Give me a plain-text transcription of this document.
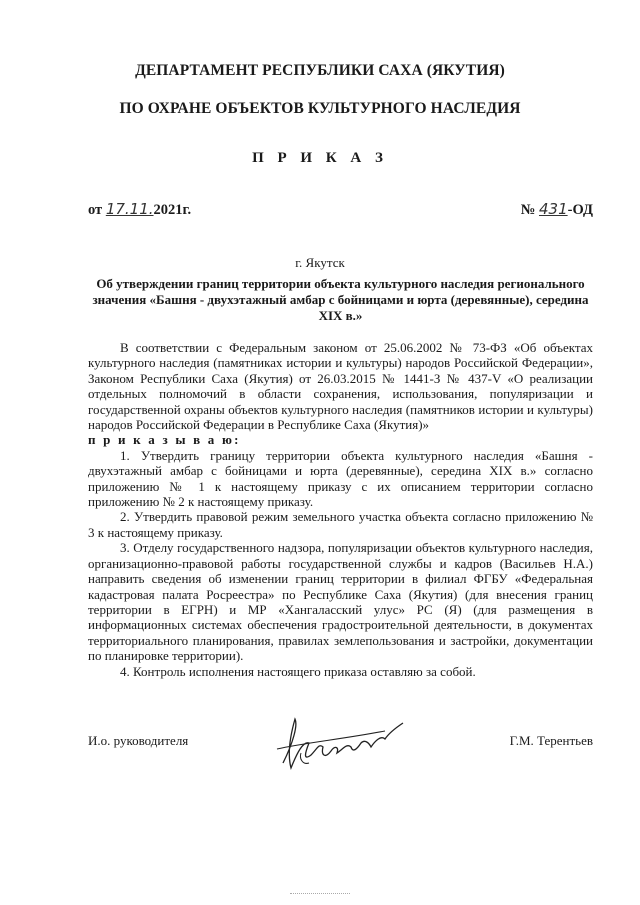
ДЕПАРТАМЕНТ РЕСПУБЛИКИ САХА (ЯКУТИЯ)
ПО ОХРАНЕ ОБЪЕКТОВ КУЛЬТУРНОГО НАСЛЕДИЯ
П Р И К А З
от 17.11.2021г.	№ 431-ОД
г. Якутск
Об утверждении границ территории объекта культурного наследия регионального значения «Башня - двухэтажный амбар с бойницами и юрта (деревянные), середина XIX в.»

В соответствии с Федеральным законом от 25.06.2002 № 73-ФЗ «Об объектах культурного наследия (памятниках истории и культуры) народов Российской Федерации», Законом Республики Саха (Якутия) от 26.03.2015 № 1441-З № 437-V «О реализации отдельных полномочий в области сохранения, использования, популяризации и государственной охраны объектов культурного наследия (памятников истории и культуры) народов Российской Федерации в Республике Саха (Якутия)»

п р и к а з ы в а ю:

1. Утвердить границу территории объекта культурного наследия «Башня - двухэтажный амбар с бойницами и юрта (деревянные), середина XIX в.» согласно приложению № 1 к настоящему приказу с их описанием территории согласно приложению № 2 к настоящему приказу.

2. Утвердить правовой режим земельного участка объекта согласно приложению № 3 к настоящему приказу.

3. Отделу государственного надзора, популяризации объектов культурного наследия, организационно-правовой работы государственной службы и кадров (Васильев Н.А.) направить сведения об изменении границ территории в филиал ФГБУ «Федеральная кадастровая палата Росреестра» по Республике Саха (Якутия) (для внесения границ территории в ЕГРН) и МР «Хангаласский улус» РС (Я) (для размещения в информационных системах обеспечения градостроительной деятельности, в документах территориального планирования, правилах землепользования и застройки, документации по планировке территории).

4. Контроль исполнения настоящего приказа оставляю за собой.

И.о. руководителя	Г.М. Терентьев
